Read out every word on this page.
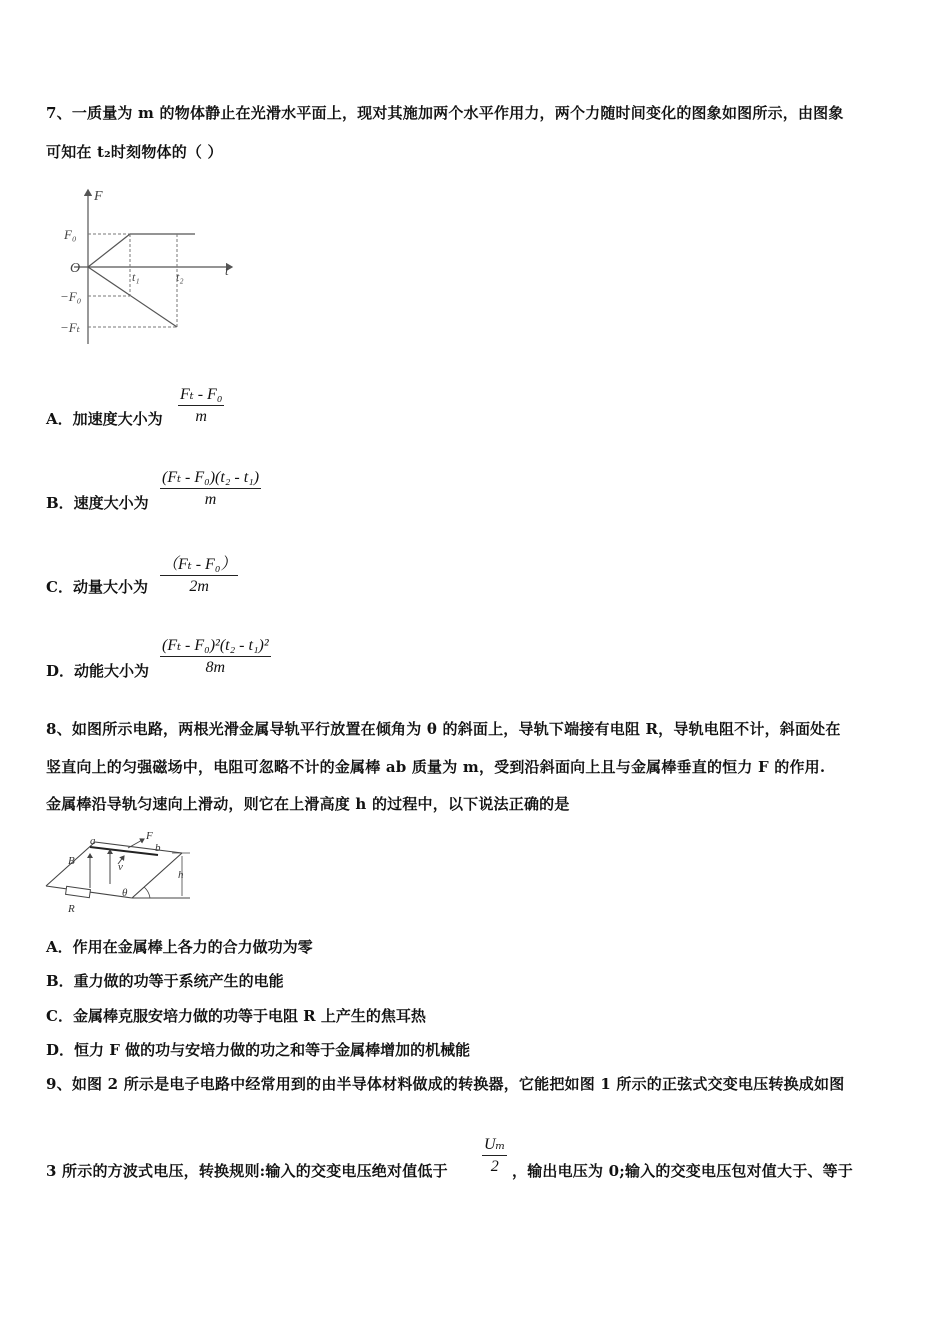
7、一质量为 m 的物体静止在光滑水平面上，现对其施加两个水平作用力，两个力随时间变化的图象如图所示，由图象
可知在 t₂时刻物体的（ ）
F
t
F₀
O
−F₀
−Fₜ
t₁	t₂
A．加速度大小为 $\frac{\text{Fₜ - F₀}}{m}$
B．速度大小为 $\frac{\text{(Fₜ - F₀)(t₂ - t₁)}}{m}$
C．动量大小为 $\frac{\text{（Fₜ - F₀）}}{2m}$
D．动能大小为 $\frac{\text{(Fₜ - F₀)²(t₂ - t₁)²}}{8m}$
8、如图所示电路，两根光滑金属导轨平行放置在倾角为 θ 的斜面上，导轨下端接有电阻 R，导轨电阻不计，斜面处在
竖直向上的匀强磁场中，电阻可忽略不计的金属棒 ab 质量为 m，受到沿斜面向上且与金属棒垂直的恒力 F 的作用.
金属棒沿导轨匀速向上滑动，则它在上滑高度 h 的过程中，以下说法正确的是
a
b
B
F
v
h
R
θ
A．作用在金属棒上各力的合力做功为零
B．重力做的功等于系统产生的电能
C．金属棒克服安培力做的功等于电阻 R 上产生的焦耳热
D．恒力 F 做的功与安培力做的功之和等于金属棒增加的机械能
9、如图 2 所示是电子电路中经常用到的由半导体材料做成的转换器，它能把如图 1 所示的正弦式交变电压转换成如图
3 所示的方波式电压，转换规则:输入的交变电压绝对值低于 $\frac{\text{Uₘ}}{2}$ ，输出电压为 0;输入的交变电压包对值大于、等于
